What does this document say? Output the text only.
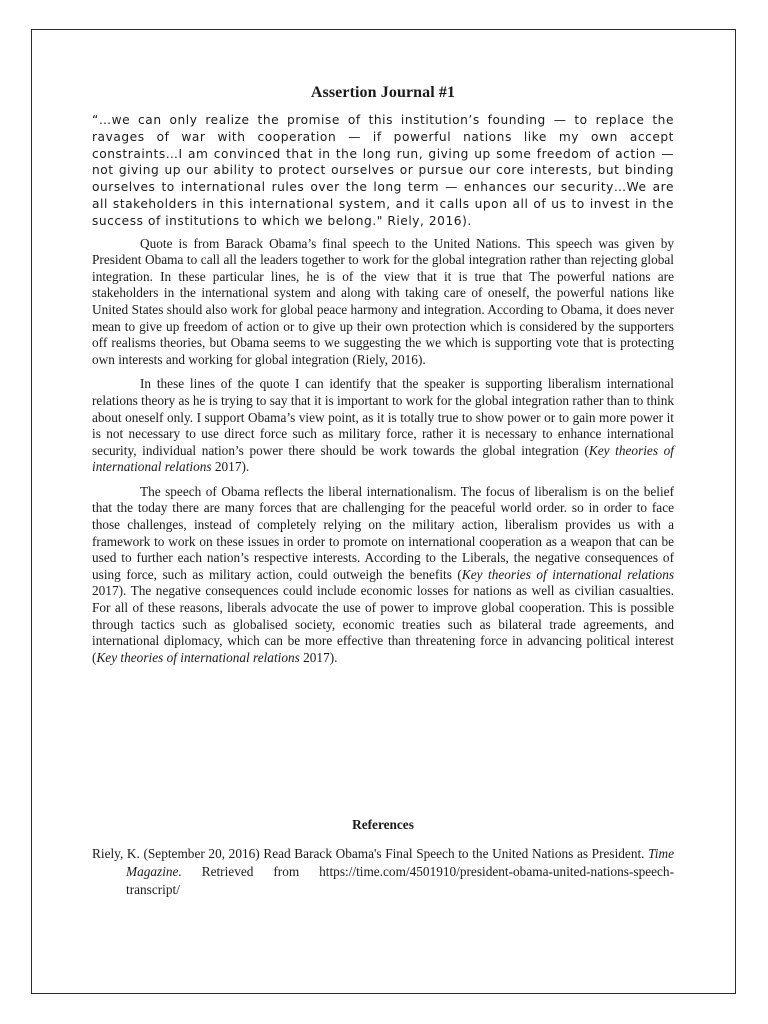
Assertion Journal #1

“…we can only realize the promise of this institution’s founding — to replace the ravages of war with cooperation — if powerful nations like my own accept constraints…I am convinced that in the long run, giving up some freedom of action — not giving up our ability to protect ourselves or pursue our core interests, but binding ourselves to international rules over the long term — enhances our security…We are all stakeholders in this international system, and it calls upon all of us to invest in the success of institutions to which we belong." Riely, 2016).

Quote is from Barack Obama’s final speech to the United Nations. This speech was given by President Obama to call all the leaders together to work for the global integration rather than rejecting global integration. In these particular lines, he is of the view that it is true that The powerful nations are stakeholders in the international system and along with taking care of oneself, the powerful nations like United States should also work for global peace harmony and integration. According to Obama, it does never mean to give up freedom of action or to give up their own protection which is considered by the supporters off realisms theories, but Obama seems to we suggesting the we which is supporting vote that is protecting own interests and working for global integration (Riely, 2016).

In these lines of the quote I can identify that the speaker is supporting liberalism international relations theory as he is trying to say that it is important to work for the global integration rather than to think about oneself only. I support Obama’s view point, as it is totally true to show power or to gain more power it is not necessary to use direct force such as military force, rather it is necessary to enhance international security, individual nation’s power there should be work towards the global integration (Key theories of international relations 2017).

The speech of Obama reflects the liberal internationalism. The focus of liberalism is on the belief that the today there are many forces that are challenging for the peaceful world order. so in order to face those challenges, instead of completely relying on the military action, liberalism provides us with a framework to work on these issues in order to promote on international cooperation as a weapon that can be used to further each nation’s respective interests. According to the Liberals, the negative consequences of using force, such as military action, could outweigh the benefits (Key theories of international relations 2017). The negative consequences could include economic losses for nations as well as civilian casualties. For all of these reasons, liberals advocate the use of power to improve global cooperation. This is possible through tactics such as globalised society, economic treaties such as bilateral trade agreements, and international diplomacy, which can be more effective than threatening force in advancing political interest (Key theories of international relations 2017).

References

Riely, K. (September 20, 2016) Read Barack Obama's Final Speech to the United Nations as President. Time Magazine. Retrieved from https://time.com/4501910/president-obama-united-nations-speech-transcript/
